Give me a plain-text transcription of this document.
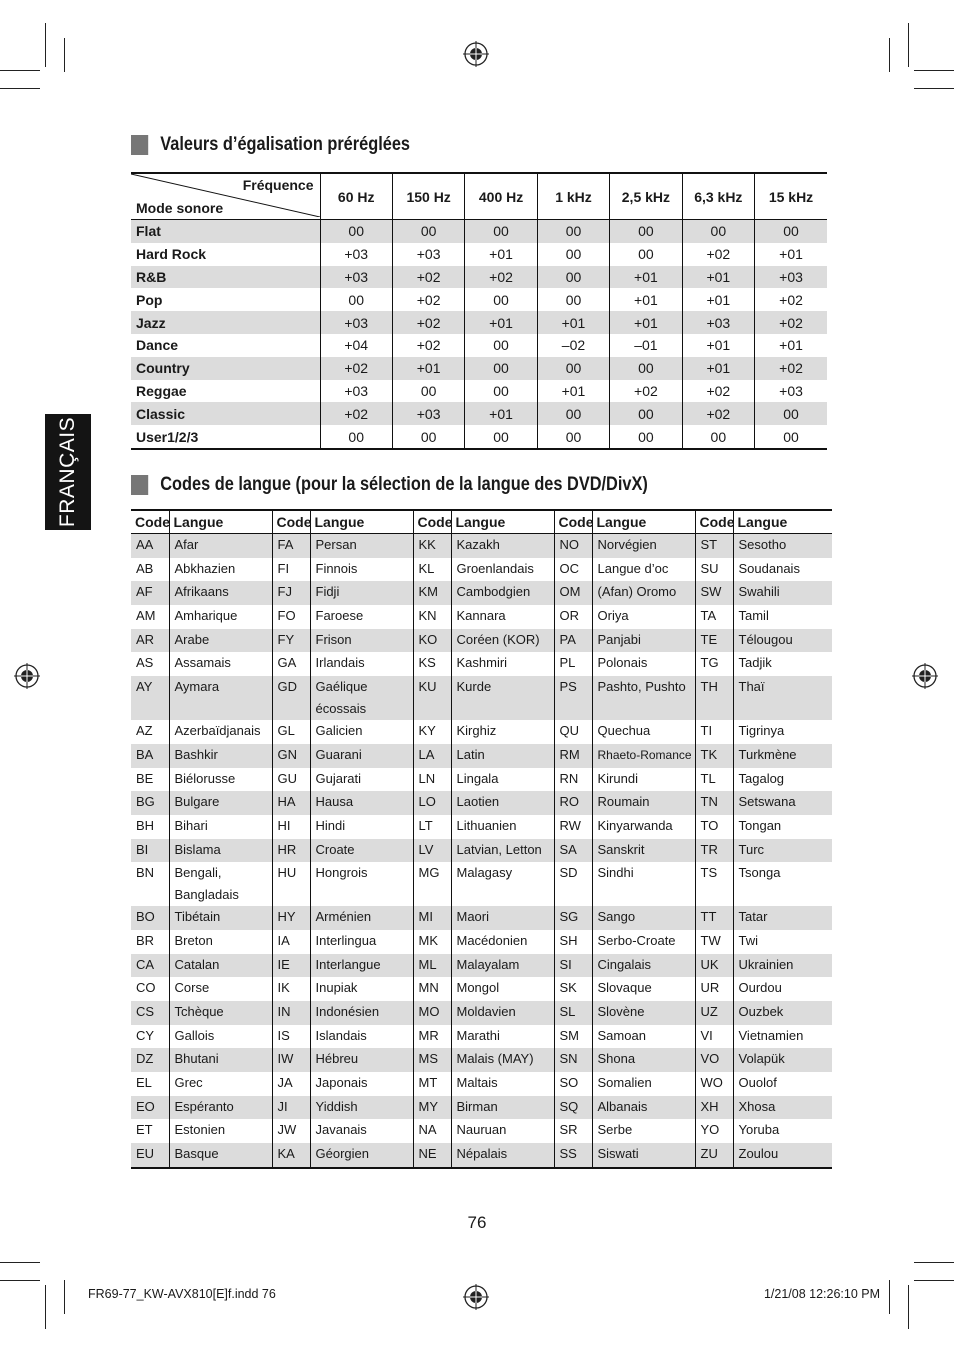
FRANÇAIS
Valeurs d’égalisation préréglées
Fréquence
Mode sonore	60 Hz	150 Hz	400 Hz	1 kHz	2,5 kHz	6,3 kHz	15 kHz
Flat	00	00	00	00	00	00	00
Hard Rock	+03	+03	+01	00	00	+02	+01
R&B	+03	+02	+02	00	+01	+01	+03
Pop	00	+02	00	00	+01	+01	+02
Jazz	+03	+02	+01	+01	+01	+03	+02
Dance	+04	+02	00	–02	–01	+01	+01
Country	+02	+01	00	00	00	+01	+02
Reggae	+03	00	00	+01	+02	+02	+03
Classic	+02	+03	+01	00	00	+02	00
User1/2/3	00	00	00	00	00	00	00
Codes de langue (pour la sélection de la langue des DVD/DivX)
Code	Langue	Code	Langue	Code	Langue	Code	Langue	Code	Langue
AA	Afar	FA	Persan	KK	Kazakh	NO	Norvégien	ST	Sesotho
AB	Abkhazien	FI	Finnois	KL	Groenlandais	OC	Langue d’oc	SU	Soudanais
AF	Afrikaans	FJ	Fidji	KM	Cambodgien	OM	(Afan) Oromo	SW	Swahili
AM	Amharique	FO	Faroese	KN	Kannara	OR	Oriya	TA	Tamil
AR	Arabe	FY	Frison	KO	Coréen (KOR)	PA	Panjabi	TE	Télougou
AS	Assamais	GA	Irlandais	KS	Kashmiri	PL	Polonais	TG	Tadjik
AY	Aymara	GD	Gaélique écossais	KU	Kurde	PS	Pashto, Pushto	TH	Thaï
AZ	Azerbaïdjanais	GL	Galicien	KY	Kirghiz	QU	Quechua	TI	Tigrinya
BA	Bashkir	GN	Guarani	LA	Latin	RM	Rhaeto-Romance	TK	Turkmène
BE	Biélorusse	GU	Gujarati	LN	Lingala	RN	Kirundi	TL	Tagalog
BG	Bulgare	HA	Hausa	LO	Laotien	RO	Roumain	TN	Setswana
BH	Bihari	HI	Hindi	LT	Lithuanien	RW	Kinyarwanda	TO	Tongan
BI	Bislama	HR	Croate	LV	Latvian, Letton	SA	Sanskrit	TR	Turc
BN	Bengali, Bangladais	HU	Hongrois	MG	Malagasy	SD	Sindhi	TS	Tsonga
BO	Tibétain	HY	Arménien	MI	Maori	SG	Sango	TT	Tatar
BR	Breton	IA	Interlingua	MK	Macédonien	SH	Serbo-Croate	TW	Twi
CA	Catalan	IE	Interlangue	ML	Malayalam	SI	Cingalais	UK	Ukrainien
CO	Corse	IK	Inupiak	MN	Mongol	SK	Slovaque	UR	Ourdou
CS	Tchèque	IN	Indonésien	MO	Moldavien	SL	Slovène	UZ	Ouzbek
CY	Gallois	IS	Islandais	MR	Marathi	SM	Samoan	VI	Vietnamien
DZ	Bhutani	IW	Hébreu	MS	Malais (MAY)	SN	Shona	VO	Volapük
EL	Grec	JA	Japonais	MT	Maltais	SO	Somalien	WO	Ouolof
EO	Espéranto	JI	Yiddish	MY	Birman	SQ	Albanais	XH	Xhosa
ET	Estonien	JW	Javanais	NA	Nauruan	SR	Serbe	YO	Yoruba
EU	Basque	KA	Géorgien	NE	Népalais	SS	Siswati	ZU	Zoulou
76
FR69-77_KW-AVX810[E]f.indd 76	1/21/08 12:26:10 PM
